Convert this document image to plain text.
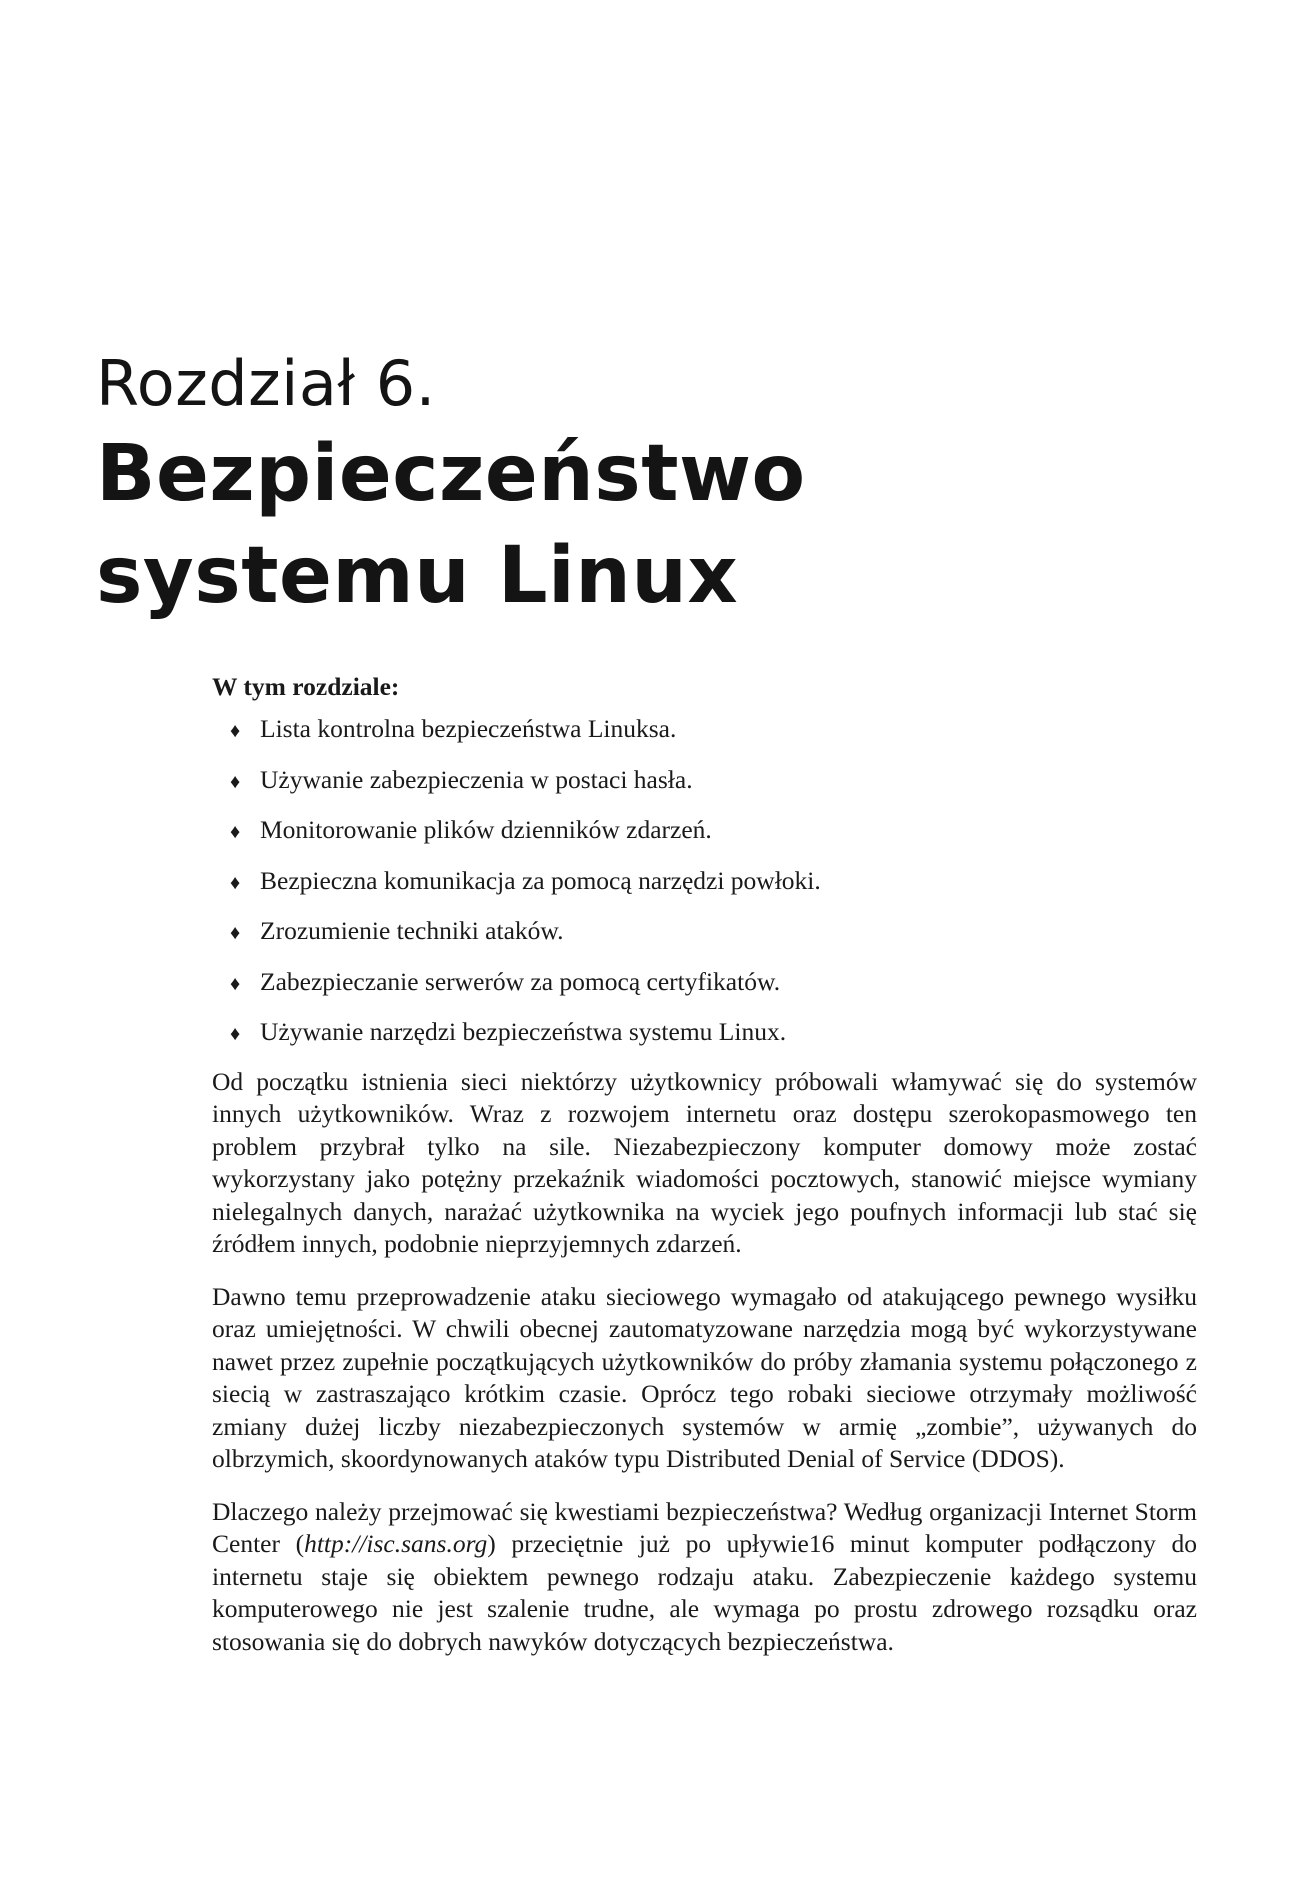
Rozdział 6.
Bezpieczeństwo
systemu Linux

W tym rozdziale:

♦ Lista kontrolna bezpieczeństwa Linuksa.
♦ Używanie zabezpieczenia w postaci hasła.
♦ Monitorowanie plików dzienników zdarzeń.
♦ Bezpieczna komunikacja za pomocą narzędzi powłoki.
♦ Zrozumienie techniki ataków.
♦ Zabezpieczanie serwerów za pomocą certyfikatów.
♦ Używanie narzędzi bezpieczeństwa systemu Linux.

Od początku istnienia sieci niektórzy użytkownicy próbowali włamywać się do systemów innych użytkowników. Wraz z rozwojem internetu oraz dostępu szerokopasmowego ten problem przybrał tylko na sile. Niezabezpieczony komputer domowy może zostać wykorzystany jako potężny przekaźnik wiadomości pocztowych, stanowić miejsce wymiany nielegalnych danych, narażać użytkownika na wyciek jego poufnych informacji lub stać się źródłem innych, podobnie nieprzyjemnych zdarzeń.

Dawno temu przeprowadzenie ataku sieciowego wymagało od atakującego pewnego wysiłku oraz umiejętności. W chwili obecnej zautomatyzowane narzędzia mogą być wykorzystywane nawet przez zupełnie początkujących użytkowników do próby złamania systemu połączonego z siecią w zastraszająco krótkim czasie. Oprócz tego robaki sieciowe otrzymały możliwość zmiany dużej liczby niezabezpieczonych systemów w armię „zombie”, używanych do olbrzymich, skoordynowanych ataków typu Distributed Denial of Service (DDOS).

Dlaczego należy przejmować się kwestiami bezpieczeństwa? Według organizacji Internet Storm Center (http://isc.sans.org) przeciętnie już po upływie16 minut komputer podłączony do internetu staje się obiektem pewnego rodzaju ataku. Zabezpieczenie każdego systemu komputerowego nie jest szalenie trudne, ale wymaga po prostu zdrowego rozsądku oraz stosowania się do dobrych nawyków dotyczących bezpieczeństwa.
